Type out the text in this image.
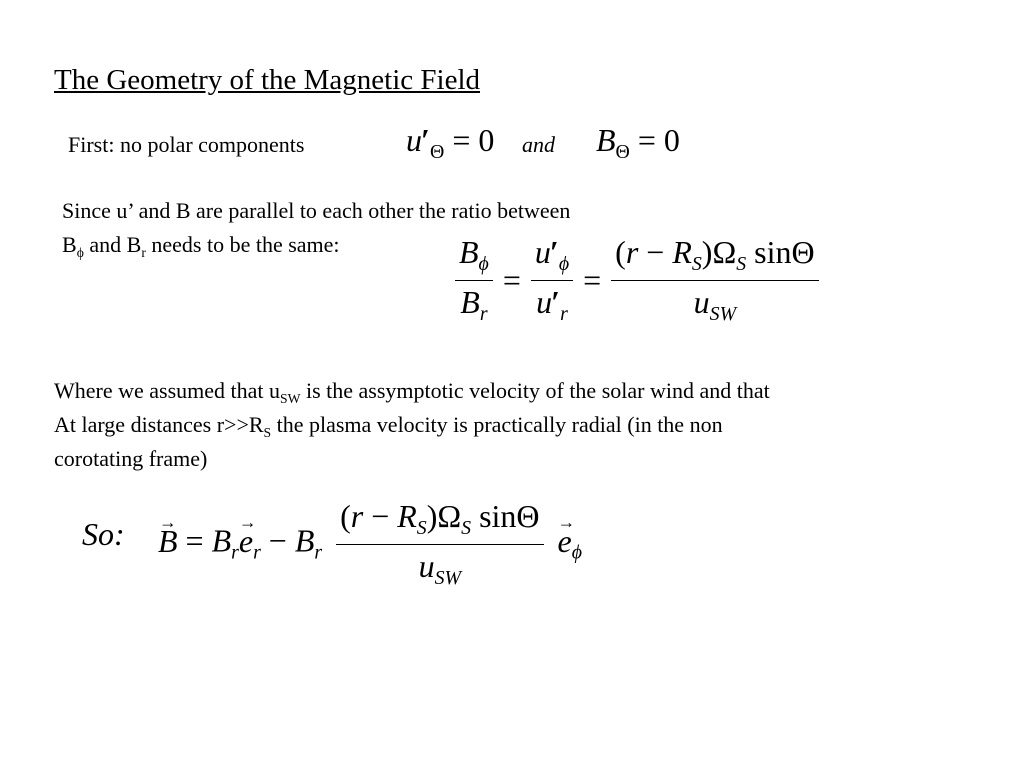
The Geometry of the Magnetic Field
First: no polar components	$u'_\Theta = 0$ and $B_\Theta = 0$
Since u’ and B are parallel to each other the ratio between
$B_\phi$ and $B_r$ needs to be the same:	$\frac{B_\phi}{B_r} = \frac{u'_\phi}{u'_r} = \frac{(r - R_S)\Omega_S \sin\Theta}{u_{SW}}$
Where we assumed that $u_{SW}$ is the assymptotic velocity of the solar wind and that
At large distances $r>>R_S$ the plasma velocity is practically radial (in the non
corotating frame)
So:
→ $B = B_r\to e_r - B_r \frac{(r - R_S)\Omega_S \sin\Theta}{u_{SW}}$
→ $e_\phi$
